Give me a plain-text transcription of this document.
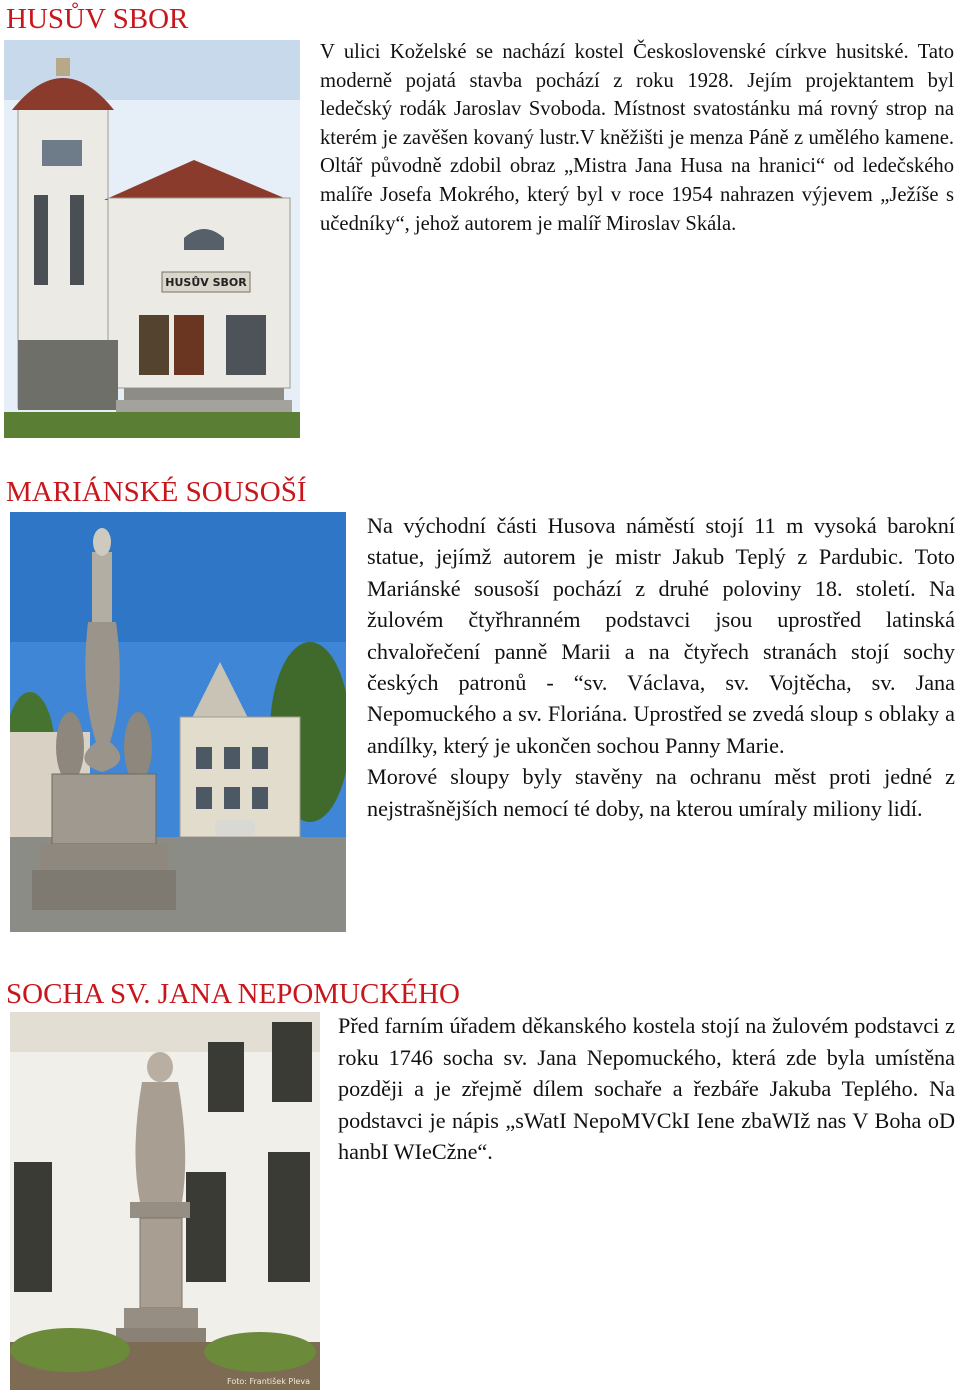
HUSŮV SBOR
HUSŮV SBOR

V ulici Koželské se nachází kostel Československé církve husitské. Tato moderně pojatá stavba pochází z roku 1928. Jejím projektantem byl ledečský rodák Jaroslav Svoboda. Místnost svatostánku má rovný strop na kterém je zavěšen kovaný lustr.V kněžišti je menza Páně z umělého kamene. Oltář původně zdobil obraz „Mistra Jana Husa na hranici“ od ledečského malíře Josefa Mokrého, který byl v roce 1954 nahrazen výjevem „Ježíše s učedníky“, jehož autorem je malíř Miroslav Skála.

MARIÁNSKÉ SOUSOŠÍ

Na východní části Husova náměstí stojí 11 m vysoká barokní statue, jejímž autorem je mistr Jakub Teplý z Pardubic. Toto Mariánské sousoší pochází z druhé poloviny 18. století. Na žulovém čtyřhranném podstavci jsou uprostřed latinská chvalořečení panně Marii a na čtyřech stranách stojí sochy českých patronů - “sv. Václava, sv. Vojtěcha, sv. Jana Nepomuckého a sv. Floriána. Uprostřed se zvedá sloup s oblaky a andílky, který je ukončen sochou Panny Marie.

Morové sloupy byly stavěny na ochranu měst proti jedné z nejstrašnějších nemocí té doby, na kterou umíraly miliony lidí.

SOCHA SV. JANA NEPOMUCKÉHO
Foto: František Pleva

Před farním úřadem děkanského kostela stojí na žulovém podstavci z roku 1746 socha sv. Jana Nepomuckého, která zde byla umístěna později a je zřejmě dílem sochaře a řezbáře Jakuba Teplého. Na podstavci je nápis „sWatI NepoMVCkI Iene zbaWIž nas V Boha oD hanbI WIeCžne“.
